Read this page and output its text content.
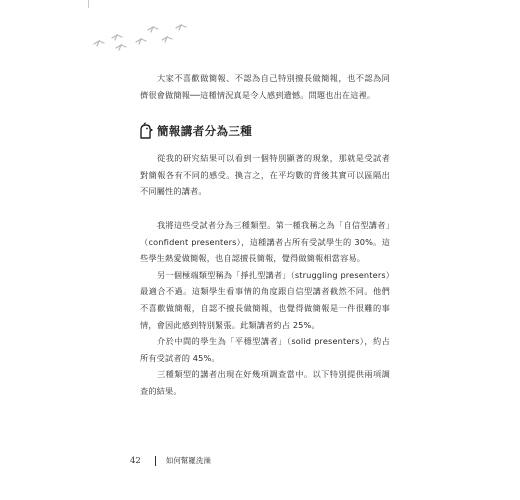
大家不喜歡做簡報、不認為自己特別擅長做簡報，也不認為同儕很會做簡報──這種情況真是令人感到遺憾。問題也出在這裡。

簡報講者分為三種

從我的研究結果可以看到一個特別顯著的現象，那就是受試者對簡報各有不同的感受。換言之，在平均數的背後其實可以區隔出不同屬性的講者。

我將這些受試者分為三種類型。第一種我稱之為「自信型講者」（confident presenters），這種講者占所有受試學生的 30%。這些學生熱愛做簡報，也自認擅長簡報，覺得做簡報相當容易。

另一個極端類型稱為「掙扎型講者」（struggling presenters）最適合不過。這類學生看事情的角度跟自信型講者截然不同。他們不喜歡做簡報，自認不擅長做簡報，也覺得做簡報是一件很難的事情，會因此感到特別緊張。此類講者約占 25%。

介於中間的學生為「平穩型講者」（solid presenters），約占所有受試者的 45%。

三種類型的講者出現在好幾項調查當中。以下特別提供兩項調查的結果。

42	如何幫羅洗澡
